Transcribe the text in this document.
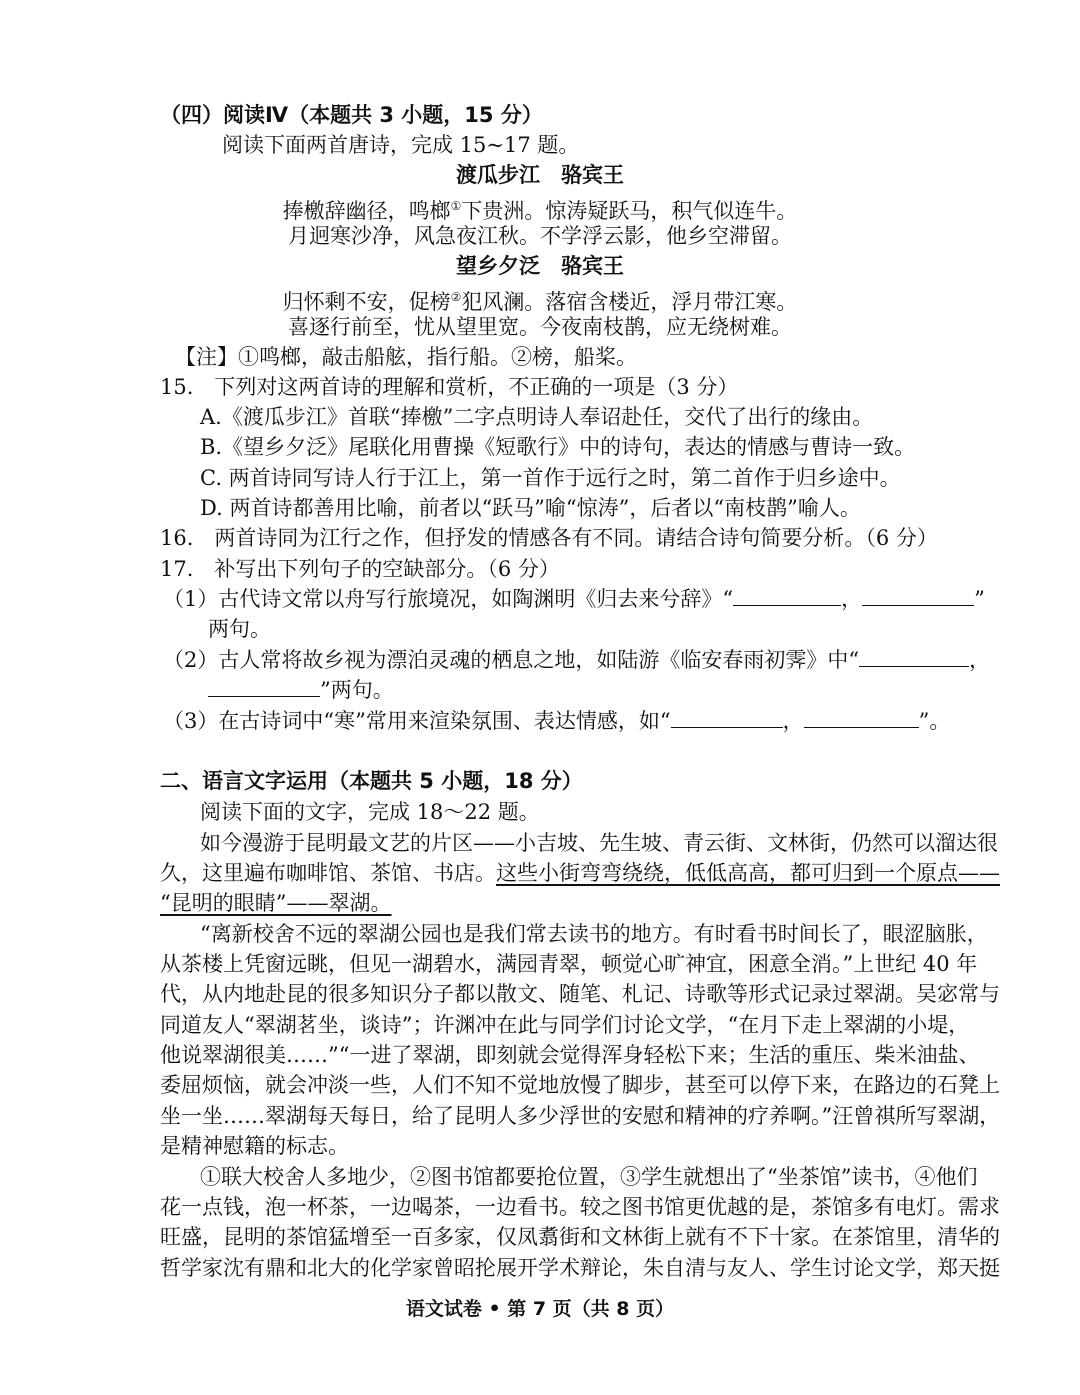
（四）阅读Ⅳ（本题共 3 小题，15 分）
阅读下面两首唐诗，完成 15~17 题。
渡瓜步江　骆宾王
捧檄辞幽径，鸣榔①下贵洲。惊涛疑跃马，积气似连牛。
月迥寒沙净，风急夜江秋。不学浮云影，他乡空滞留。
望乡夕泛　骆宾王
归怀剩不安，促榜②犯风澜。落宿含楼近，浮月带江寒。
喜逐行前至，忧从望里宽。今夜南枝鹊，应无绕树难。
【注】①鸣榔，敲击船舷，指行船。②榜，船桨。
15.　下列对这两首诗的理解和赏析，不正确的一项是（3 分）
A.《渡瓜步江》首联“捧檄”二字点明诗人奉诏赴任，交代了出行的缘由。
B.《望乡夕泛》尾联化用曹操《短歌行》中的诗句，表达的情感与曹诗一致。
C. 两首诗同写诗人行于江上，第一首作于远行之时，第二首作于归乡途中。
D. 两首诗都善用比喻，前者以“跃马”喻“惊涛”，后者以“南枝鹊”喻人。
16.　两首诗同为江行之作，但抒发的情感各有不同。请结合诗句简要分析。（6 分）
17.　补写出下列句子的空缺部分。（6 分）
（1）古代诗文常以舟写行旅境况，如陶渊明《归去来兮辞》“	，	”
两句。
（2）古人常将故乡视为漂泊灵魂的栖息之地，如陆游《临安春雨初霁》中“	，
”两句。
（3）在古诗词中“寒”常用来渲染氛围、表达情感，如“	，	”。
二、语言文字运用（本题共 5 小题，18 分）
阅读下面的文字，完成 18～22 题。
如今漫游于昆明最文艺的片区——小吉坡、先生坡、青云街、文林街，仍然可以溜达很
久，这里遍布咖啡馆、茶馆、书店。这些小街弯弯绕绕，低低高高，都可归到一个原点——
“昆明的眼睛”——翠湖。
“离新校舍不远的翠湖公园也是我们常去读书的地方。有时看书时间长了，眼涩脑胀，
从茶楼上凭窗远眺，但见一湖碧水，满园青翠，顿觉心旷神宜，困意全消。”上世纪 40 年
代，从内地赴昆的很多知识分子都以散文、随笔、札记、诗歌等形式记录过翠湖。吴宓常与
同道友人“翠湖茗坐，谈诗”；许渊冲在此与同学们讨论文学，“在月下走上翠湖的小堤，
他说翠湖很美……”“一进了翠湖，即刻就会觉得浑身轻松下来；生活的重压、柴米油盐、
委屈烦恼，就会冲淡一些，人们不知不觉地放慢了脚步，甚至可以停下来，在路边的石凳上
坐一坐……翠湖每天每日，给了昆明人多少浮世的安慰和精神的疗养啊。”汪曾祺所写翠湖，
是精神慰籍的标志。
①联大校舍人多地少，②图书馆都要抢位置，③学生就想出了“坐茶馆”读书，④他们
花一点钱，泡一杯茶，一边喝茶，一边看书。较之图书馆更优越的是，茶馆多有电灯。需求
旺盛，昆明的茶馆猛增至一百多家，仅凤翥街和文林街上就有不下十家。在茶馆里，清华的
哲学家沈有鼎和北大的化学家曾昭抡展开学术辩论，朱自清与友人、学生讨论文学，郑天挺
语文试卷 • 第 7 页（共 8 页）
